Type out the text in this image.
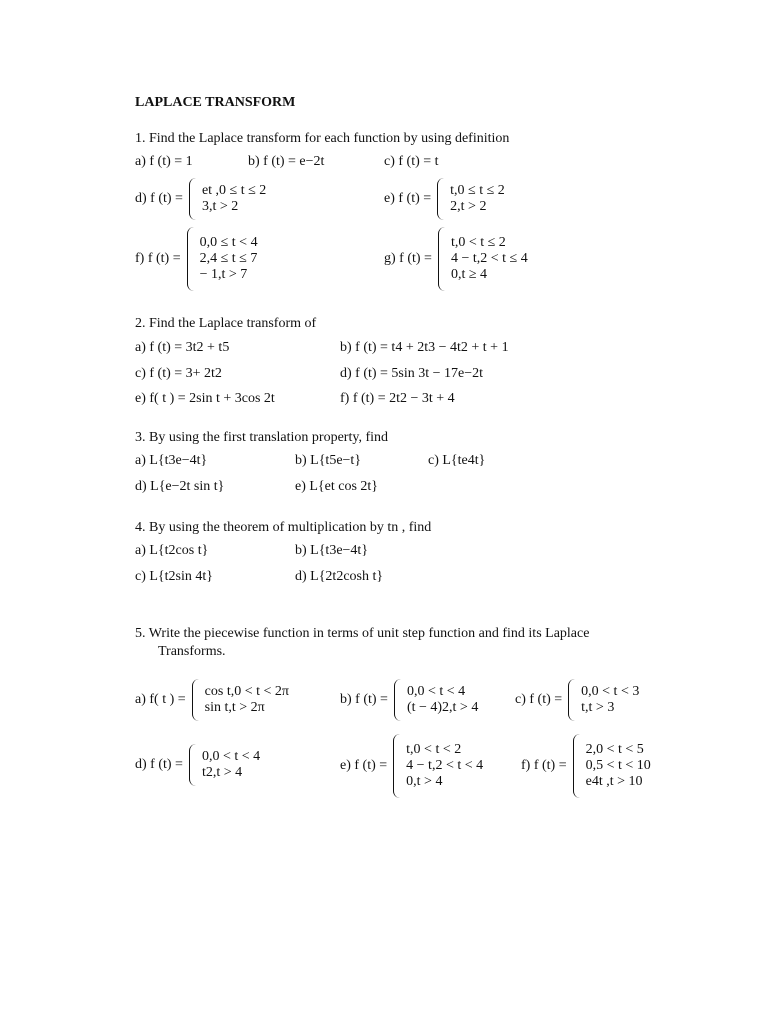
LAPLACE TRANSFORM
1. Find the Laplace transform for each function by using definition
a) f (t) = 1	b) f (t) = e−2t	c) f (t) = t
d) f (t) =
et ,0 ≤ t ≤ 2
3,t > 2
e) f (t) =
t,0 ≤ t ≤ 2
2,t > 2
f) f (t) =
0,0 ≤ t < 4
2,4 ≤ t ≤ 7
− 1,t > 7
g) f (t) =
t,0 < t ≤ 2
4 − t,2 < t ≤ 4
0,t ≥ 4
2. Find the Laplace transform of
a) f (t) = 3t2 + t5	b) f (t) = t4 + 2t3 − 4t2 + t + 1
c) f (t) = 3+ 2t2	d) f (t) = 5sin 3t − 17e−2t
e) f( t ) = 2sin t + 3cos 2t	f) f (t) = 2t2 − 3t + 4
3. By using the first translation property, find
a) L{t3e−4t}	b) L{t5e−t}	c) L{te4t}
d) L{e−2t sin t}	e) L{et cos 2t}
4. By using the theorem of multiplication by tn , find
a) L{t2cos t}	b) L{t3e−4t}
c) L{t2sin 4t}	d) L{2t2cosh t}
5. Write the piecewise function in terms of unit step function and find its Laplace
Transforms.
a) f( t ) =
cos t,0 < t < 2π
sin t,t > 2π
b) f (t) =
0,0 < t < 4
(t − 4)2,t > 4
c) f (t) =
0,0 < t < 3
t,t > 3
d) f (t) =
0,0 < t < 4
t2,t > 4	e) f (t) =
t,0 < t < 2
4 − t,2 < t < 4
0,t > 4
f) f (t) =
2,0 < t < 5
0,5 < t < 10
e4t ,t > 10
